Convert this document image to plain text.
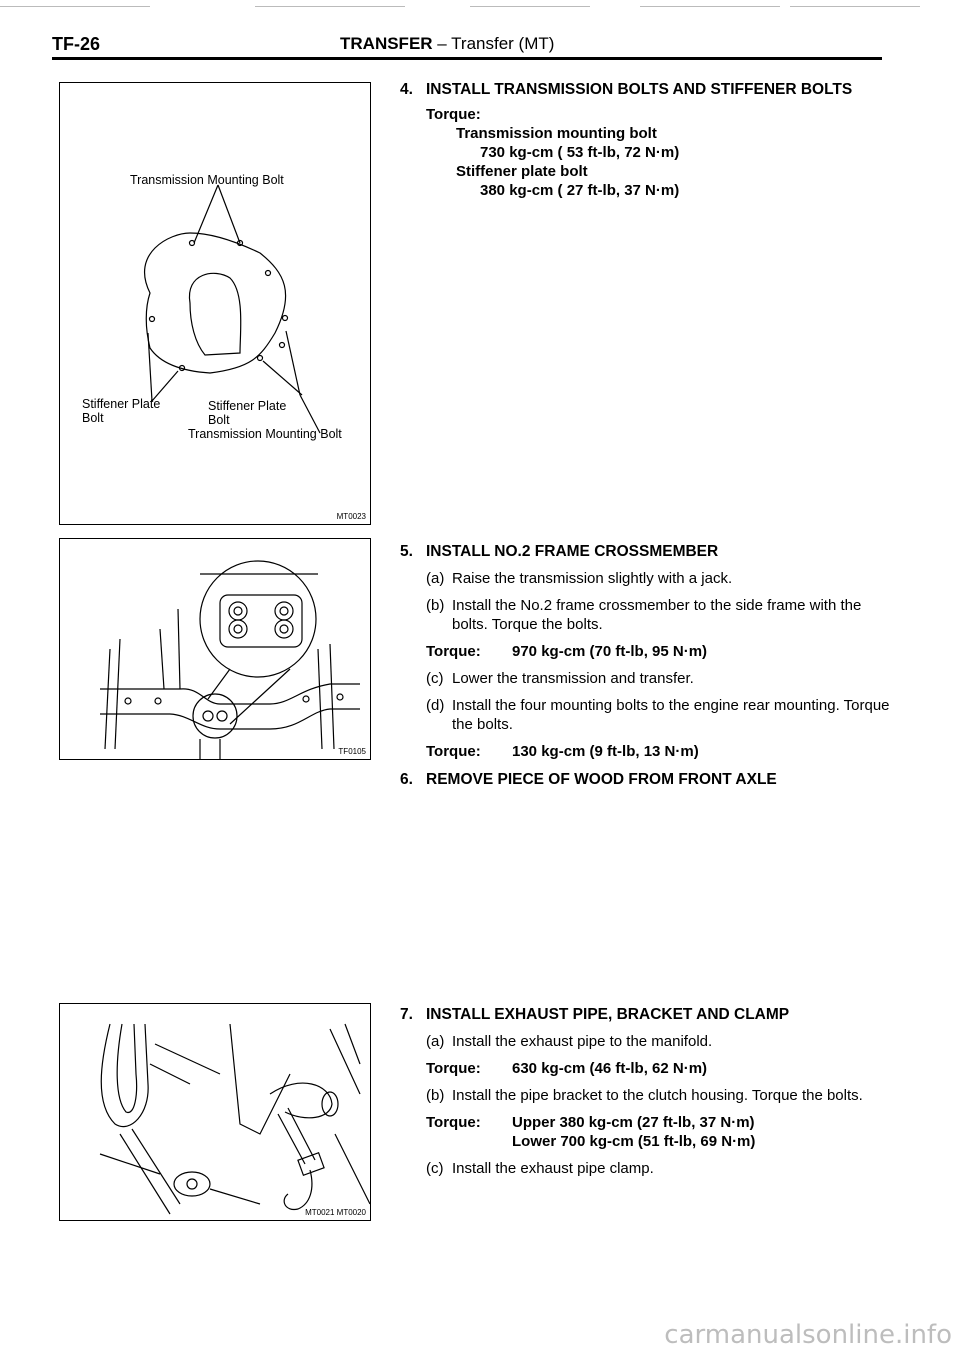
TF-26	TRANSFER – Transfer (MT)
Transmission Mounting Bolt
Stiffener Plate
Bolt
Stiffener Plate
Bolt
Transmission Mounting Bolt
MT0023
TF0105
MT0021 MT0020
4. INSTALL TRANSMISSION BOLTS AND STIFFENER BOLTS
Torque:
Transmission mounting bolt
730 kg-cm ( 53 ft-lb, 72 N·m)
Stiffener plate bolt
380 kg-cm ( 27 ft-lb, 37 N·m)
5. INSTALL NO.2 FRAME CROSSMEMBER
(a) Raise the transmission slightly with a jack.
(b) Install the No.2 frame crossmember to the side frame with the bolts. Torque the bolts.
Torque: 970 kg-cm (70 ft-lb, 95 N·m)
(c) Lower the transmission and transfer.
(d) Install the four mounting bolts to the engine rear mounting. Torque the bolts.
Torque: 130 kg-cm (9 ft-lb, 13 N·m)
6. REMOVE PIECE OF WOOD FROM FRONT AXLE
7. INSTALL EXHAUST PIPE, BRACKET AND CLAMP
(a) Install the exhaust pipe to the manifold.
Torque: 630 kg-cm (46 ft-lb, 62 N·m)
(b) Install the pipe bracket to the clutch housing. Torque the bolts.
Torque: Upper 380 kg-cm (27 ft-lb, 37 N·m)
Lower 700 kg-cm (51 ft-lb, 69 N·m)
(c) Install the exhaust pipe clamp.
carmanualsonline.info
